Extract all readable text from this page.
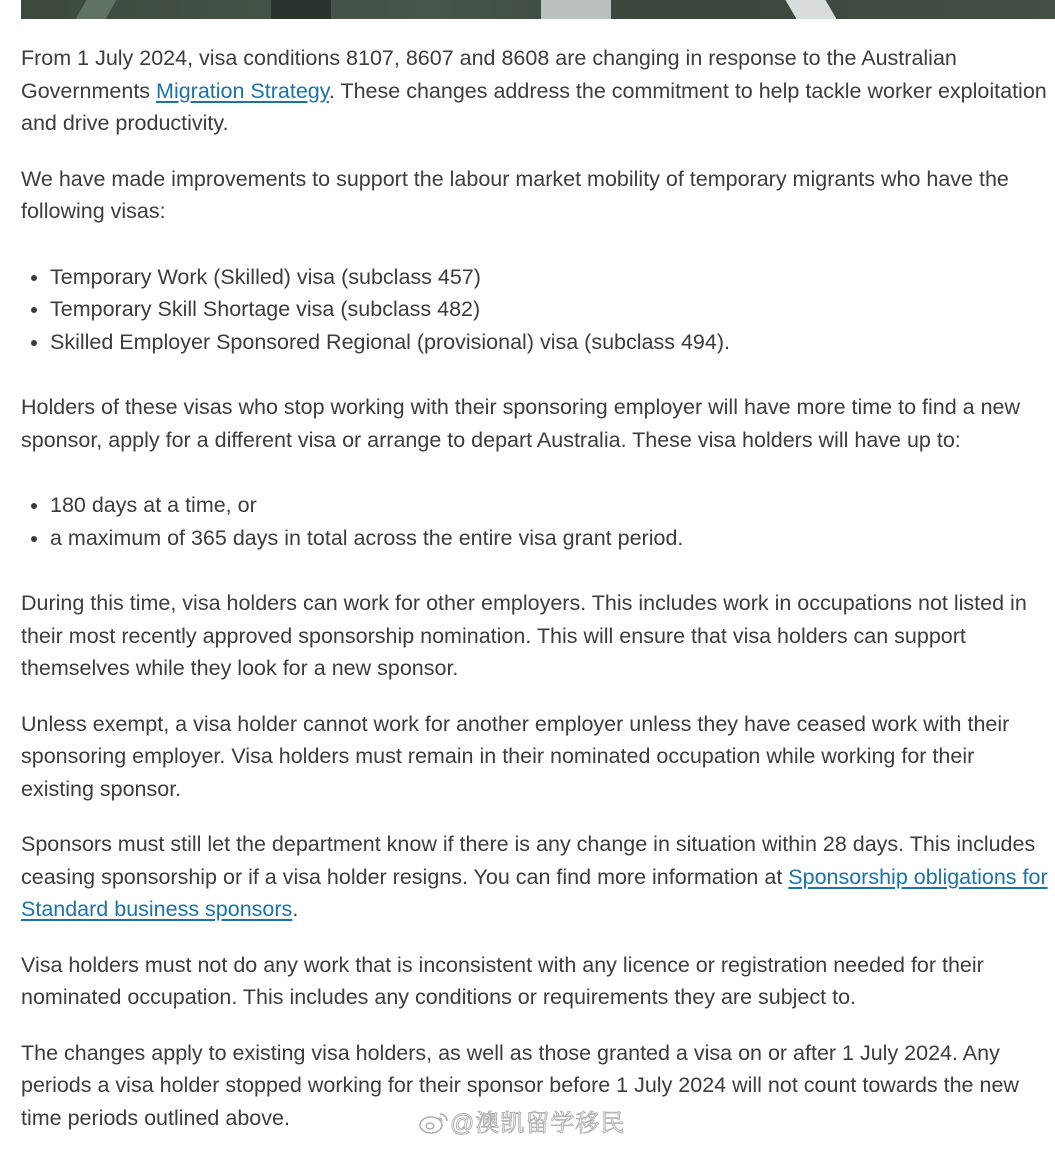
From 1 July 2024, visa conditions 8107, 8607 and 8608 are changing in response to the Australian Governments Migration Strategy. These changes address the commitment to help tackle worker exploitation and drive productivity.

We have made improvements to support the labour market mobility of temporary migrants who have the following visas:

• Temporary Work (Skilled) visa (subclass 457)
• Temporary Skill Shortage visa (subclass 482)
• Skilled Employer Sponsored Regional (provisional) visa (subclass 494).

Holders of these visas who stop working with their sponsoring employer will have more time to find a new sponsor, apply for a different visa or arrange to depart Australia. These visa holders will have up to:

• 180 days at a time, or
• a maximum of 365 days in total across the entire visa grant period.

During this time, visa holders can work for other employers. This includes work in occupations not listed in their most recently approved sponsorship nomination. This will ensure that visa holders can support themselves while they look for a new sponsor.

Unless exempt, a visa holder cannot work for another employer unless they have ceased work with their sponsoring employer. Visa holders must remain in their nominated occupation while working for their existing sponsor.

Sponsors must still let the department know if there is any change in situation within 28 days. This includes ceasing sponsorship or if a visa holder resigns. You can find more information at Sponsorship obligations for Standard business sponsors.

Visa holders must not do any work that is inconsistent with any licence or registration needed for their nominated occupation. This includes any conditions or requirements they are subject to.

The changes apply to existing visa holders, as well as those granted a visa on or after 1 July 2024. Any periods a visa holder stopped working for their sponsor before 1 July 2024 will not count towards the new time periods outlined above.	@澳凯留学移民
